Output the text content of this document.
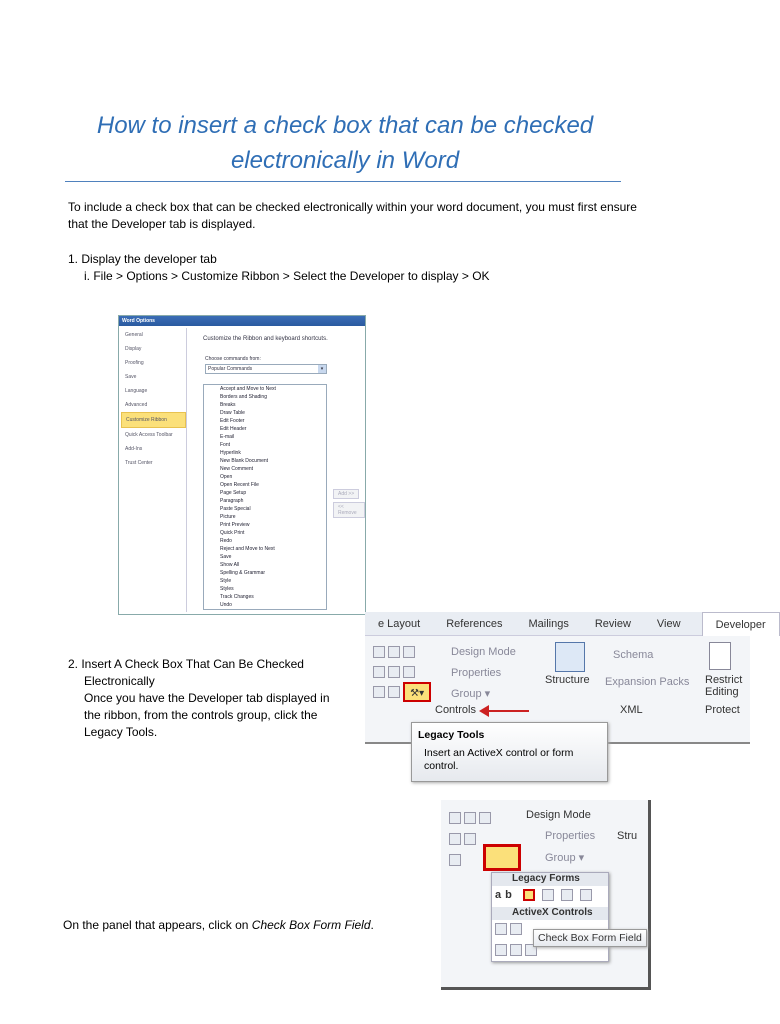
How to insert a check box that can be checked
electronically in Word
To include a check box that can be checked electronically within your word document, you must first ensure
that the Developer tab is displayed.
1. Display the developer tab
i. File > Options > Customize Ribbon > Select the Developer to display > OK
Word Options
General
Display
Proofing
Save
Language
Advanced
Customize Ribbon
Quick Access Toolbar
Add-Ins
Trust Center
Customize the Ribbon and keyboard shortcuts.
Choose commands from:
Popular Commands	▾
Accept and Move to Next
Borders and Shading
Breaks
Draw Table
Edit Footer
Edit Header
E-mail
Font
Hyperlink
New Blank Document
New Comment
Open
Open Recent File
Page Setup
Paragraph
Paste Special
Picture
Print Preview
Quick Print
Redo
Reject and Move to Next
Save
Show All
Spelling & Grammar
Style
Styles
Track Changes
Undo
Add >>
<< Remove
2. Insert A Check Box That Can Be Checked
Electronically
Once you have the Developer tab displayed in
the ribbon, from the controls group, click the
Legacy Tools.
e Layout	References	Mailings	Review	View	Developer

⚒▾
Design Mode
Properties
Group ▾
Controls
Structure
Schema
Expansion Packs
XML
Restrict
Editing
Protect
Legacy Tools
Insert an ActiveX control or form control.

Design Mode
Properties
Group ▾
Stru
Legacy Forms
ab
ActiveX Controls

Check Box Form Field
On the panel that appears, click on Check Box Form Field.
